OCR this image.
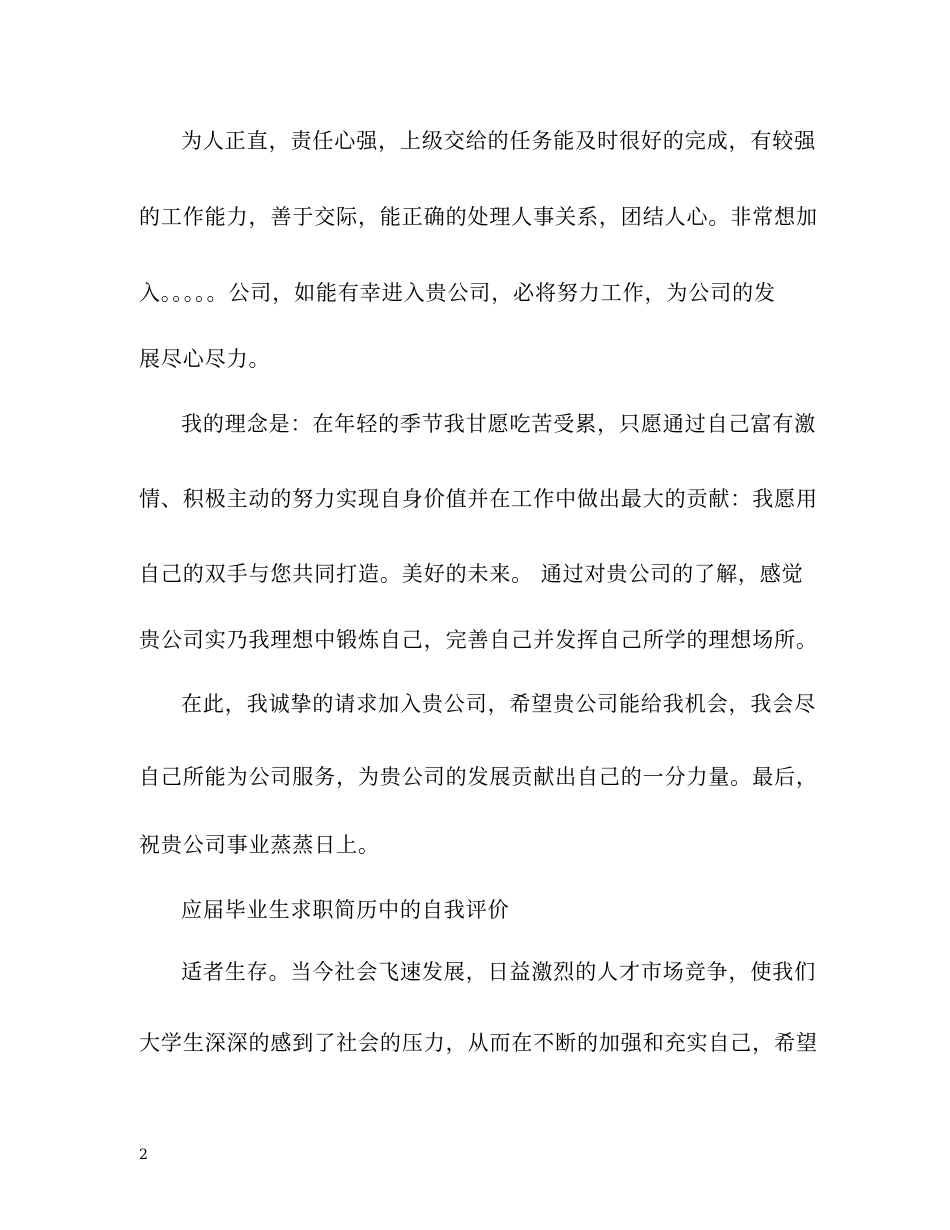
为人正直，责任心强，上级交给的任务能及时很好的完成，有较强
的工作能力，善于交际，能正确的处理人事关系，团结人心。非常想加
入。。。。。公司，如能有幸进入贵公司，必将努力工作，为公司的发
展尽心尽力。
我的理念是：在年轻的季节我甘愿吃苦受累，只愿通过自己富有激
情、积极主动的努力实现自身价值并在工作中做出最大的贡献：我愿用
自己的双手与您共同打造。美好的未来。 通过对贵公司的了解，感觉
贵公司实乃我理想中锻炼自己，完善自己并发挥自己所学的理想场所。
在此，我诚挚的请求加入贵公司，希望贵公司能给我机会，我会尽
自己所能为公司服务，为贵公司的发展贡献出自己的一分力量。最后，
祝贵公司事业蒸蒸日上。
应届毕业生求职简历中的自我评价
适者生存。当今社会飞速发展，日益激烈的人才市场竞争，使我们
大学生深深的感到了社会的压力，从而在不断的加强和充实自己，希望
2
